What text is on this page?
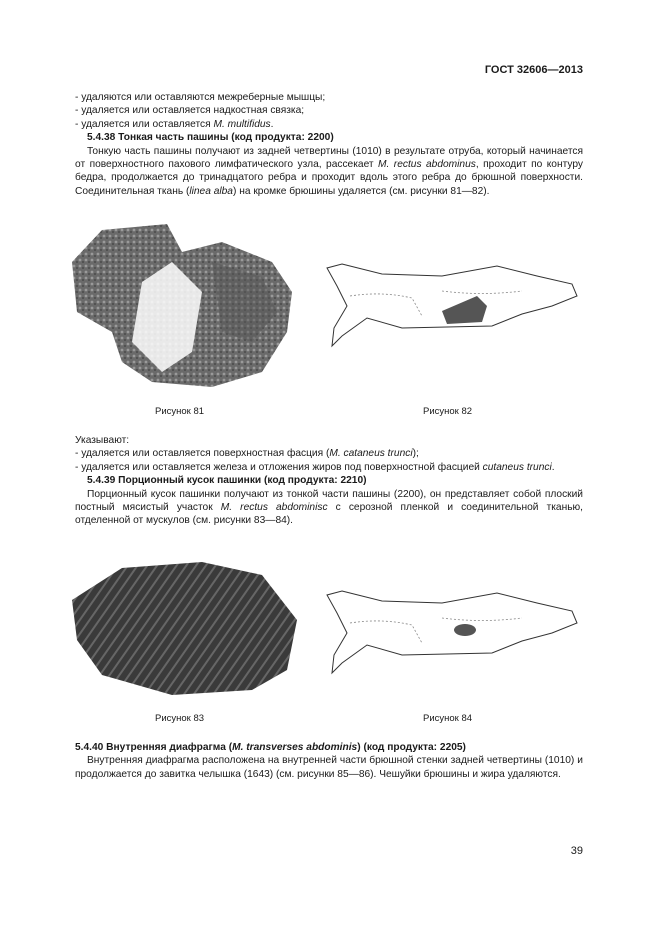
ГОСТ 32606—2013

- удаляются или оставляются межреберные мышцы;

- удаляется или оставляется надкостная связка;

- удаляется или оставляется M. multifidus.

5.4.38 Тонкая часть пашины (код продукта: 2200)

Тонкую часть пашины получают из задней четвертины (1010) в результате отруба, который начинается от поверхностного пахового лимфатического узла, рассекает M. rectus abdominus, проходит по контуру бедра, продолжается до тринадцатого ребра и проходит вдоль этого ребра до брюшной поверхности. Соединительная ткань (linea alba) на кромке брюшины удаляется (см. рисунки 81—82).

Рисунок 81	Рисунок 82

Указывают:

- удаляется или оставляется поверхностная фасция (M. cataneus trunci);

- удаляется или оставляется железа и отложения жиров под поверхностной фасцией cutaneus trunci.

5.4.39 Порционный кусок пашинки (код продукта: 2210)

Порционный кусок пашинки получают из тонкой части пашины (2200), он представляет собой плоский постный мясистый участок M. rectus abdominisc с серозной пленкой и соединительной тканью, отделенной от мускулов (см. рисунки 83—84).

Рисунок 83	Рисунок 84

5.4.40 Внутренняя диафрагма (M. transverses abdominis) (код продукта: 2205)

Внутренняя диафрагма расположена на внутренней части брюшной стенки задней четвертины (1010) и продолжается до завитка челышка (1643) (см. рисунки 85—86). Чешуйки брюшины и жира удаляются.

39
